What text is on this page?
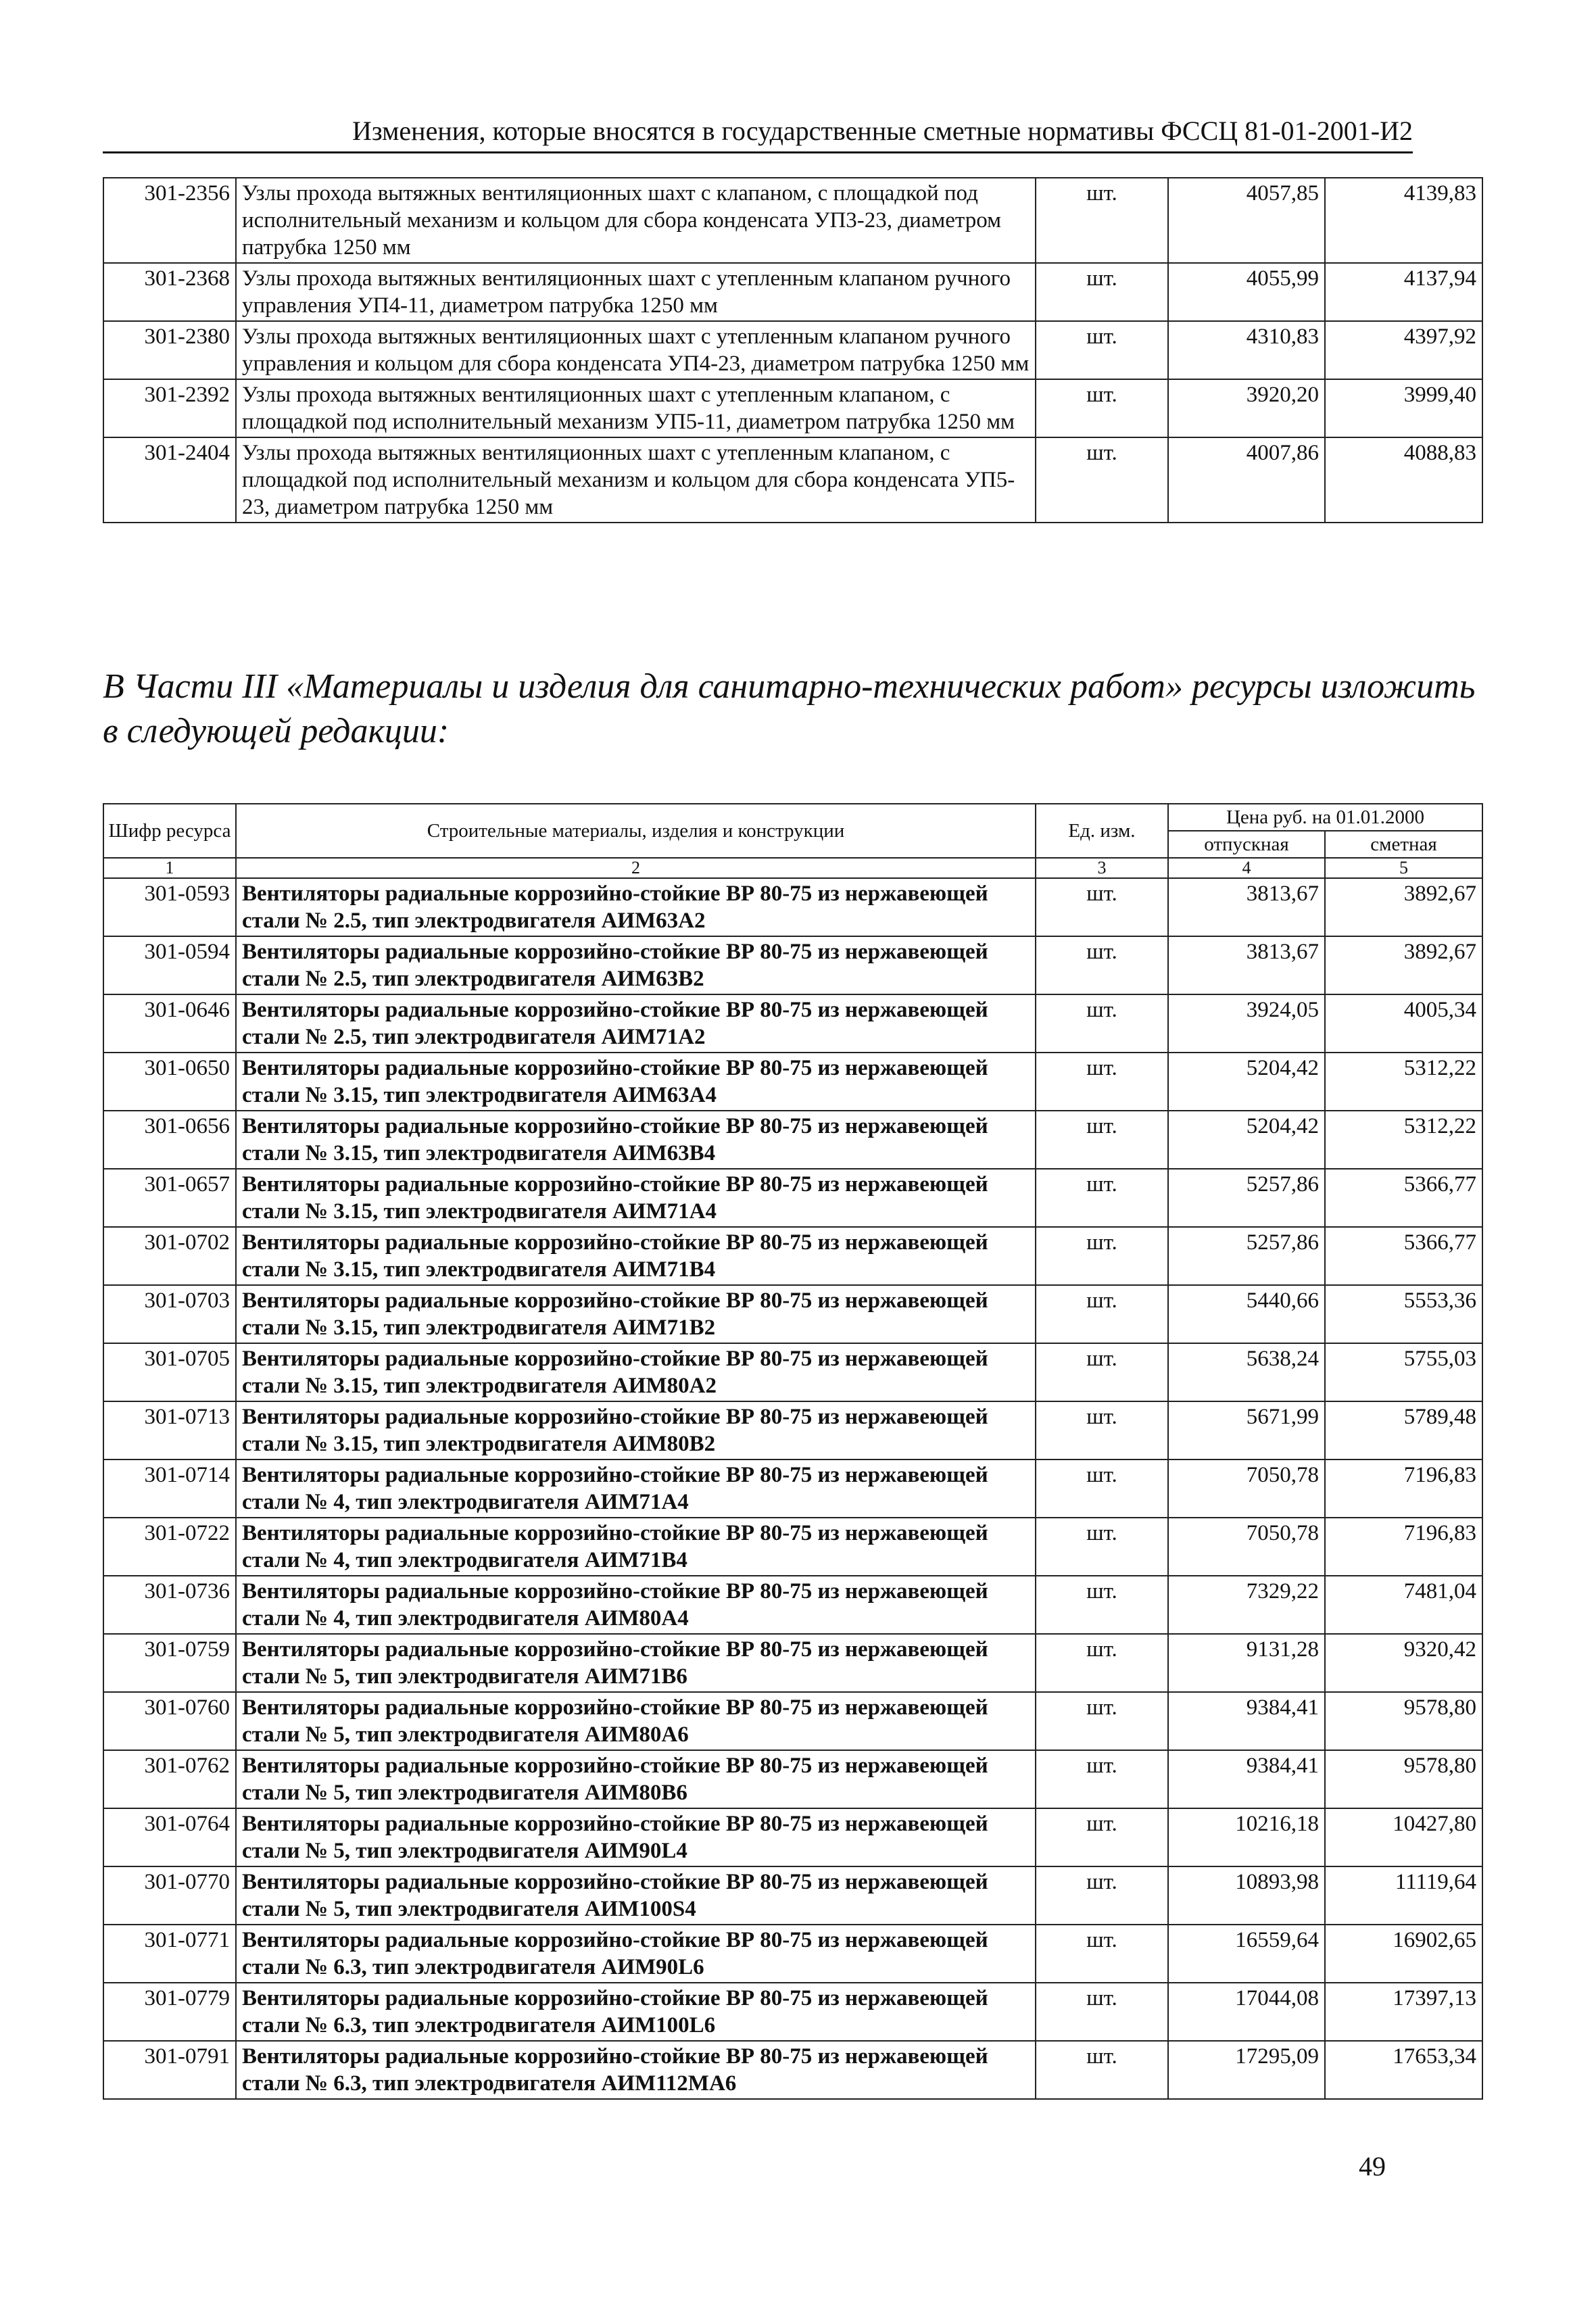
Изменения, которые вносятся в государственные сметные нормативы ФССЦ 81-01-2001-И2
301-2356	Узлы прохода вытяжных вентиляционных шахт с клапаном, с площадкой под исполнительный механизм и кольцом для сбора конденсата УП3-23, диаметром патрубка 1250 мм	шт.	4057,85	4139,83
301-2368	Узлы прохода вытяжных вентиляционных шахт с утепленным клапаном ручного управления УП4-11, диаметром патрубка 1250 мм	шт.	4055,99	4137,94
301-2380	Узлы прохода вытяжных вентиляционных шахт с утепленным клапаном ручного управления и кольцом для сбора конденсата УП4-23, диаметром патрубка 1250 мм	шт.	4310,83	4397,92
301-2392	Узлы прохода вытяжных вентиляционных шахт с утепленным клапаном, с площадкой под исполнительный механизм УП5-11, диаметром патрубка 1250 мм	шт.	3920,20	3999,40
301-2404	Узлы прохода вытяжных вентиляционных шахт с утепленным клапаном, с площадкой под исполнительный механизм и кольцом для сбора конденсата УП5-23, диаметром патрубка 1250 мм	шт.	4007,86	4088,83
В Части III «Материалы и изделия для санитарно-технических работ» ресурсы изложить в следующей редакции:
Шифр ресурса	Строительные материалы, изделия и конструкции	Ед. изм.	Цена руб. на 01.01.2000	
			отпускная	сметная
1	2	3	4	5
301-0593	Вентиляторы радиальные коррозийно-стойкие ВР 80-75 из нержавеющей стали № 2.5, тип электродвигателя АИМ63А2	шт.	3813,67	3892,67
301-0594	Вентиляторы радиальные коррозийно-стойкие ВР 80-75 из нержавеющей стали № 2.5, тип электродвигателя АИМ63В2	шт.	3813,67	3892,67
301-0646	Вентиляторы радиальные коррозийно-стойкие ВР 80-75 из нержавеющей стали № 2.5, тип электродвигателя АИМ71А2	шт.	3924,05	4005,34
301-0650	Вентиляторы радиальные коррозийно-стойкие ВР 80-75 из нержавеющей стали № 3.15, тип электродвигателя АИМ63А4	шт.	5204,42	5312,22
301-0656	Вентиляторы радиальные коррозийно-стойкие ВР 80-75 из нержавеющей стали № 3.15, тип электродвигателя АИМ63В4	шт.	5204,42	5312,22
301-0657	Вентиляторы радиальные коррозийно-стойкие ВР 80-75 из нержавеющей стали № 3.15, тип электродвигателя АИМ71А4	шт.	5257,86	5366,77
301-0702	Вентиляторы радиальные коррозийно-стойкие ВР 80-75 из нержавеющей стали № 3.15, тип электродвигателя АИМ71В4	шт.	5257,86	5366,77
301-0703	Вентиляторы радиальные коррозийно-стойкие ВР 80-75 из нержавеющей стали № 3.15, тип электродвигателя АИМ71В2	шт.	5440,66	5553,36
301-0705	Вентиляторы радиальные коррозийно-стойкие ВР 80-75 из нержавеющей стали № 3.15, тип электродвигателя АИМ80А2	шт.	5638,24	5755,03
301-0713	Вентиляторы радиальные коррозийно-стойкие ВР 80-75 из нержавеющей стали № 3.15, тип электродвигателя АИМ80В2	шт.	5671,99	5789,48
301-0714	Вентиляторы радиальные коррозийно-стойкие ВР 80-75 из нержавеющей стали № 4, тип электродвигателя АИМ71А4	шт.	7050,78	7196,83
301-0722	Вентиляторы радиальные коррозийно-стойкие ВР 80-75 из нержавеющей стали № 4, тип электродвигателя АИМ71В4	шт.	7050,78	7196,83
301-0736	Вентиляторы радиальные коррозийно-стойкие ВР 80-75 из нержавеющей стали № 4, тип электродвигателя АИМ80А4	шт.	7329,22	7481,04
301-0759	Вентиляторы радиальные коррозийно-стойкие ВР 80-75 из нержавеющей стали № 5, тип электродвигателя АИМ71В6	шт.	9131,28	9320,42
301-0760	Вентиляторы радиальные коррозийно-стойкие ВР 80-75 из нержавеющей стали № 5, тип электродвигателя АИМ80А6	шт.	9384,41	9578,80
301-0762	Вентиляторы радиальные коррозийно-стойкие ВР 80-75 из нержавеющей стали № 5, тип электродвигателя АИМ80В6	шт.	9384,41	9578,80
301-0764	Вентиляторы радиальные коррозийно-стойкие ВР 80-75 из нержавеющей стали № 5, тип электродвигателя АИМ90L4	шт.	10216,18	10427,80
301-0770	Вентиляторы радиальные коррозийно-стойкие ВР 80-75 из нержавеющей стали № 5, тип электродвигателя АИМ100S4	шт.	10893,98	11119,64
301-0771	Вентиляторы радиальные коррозийно-стойкие ВР 80-75 из нержавеющей стали № 6.3, тип электродвигателя АИМ90L6	шт.	16559,64	16902,65
301-0779	Вентиляторы радиальные коррозийно-стойкие ВР 80-75 из нержавеющей стали № 6.3, тип электродвигателя АИМ100L6	шт.	17044,08	17397,13
301-0791	Вентиляторы радиальные коррозийно-стойкие ВР 80-75 из нержавеющей стали № 6.3, тип электродвигателя АИМ112МА6	шт.	17295,09	17653,34
49
